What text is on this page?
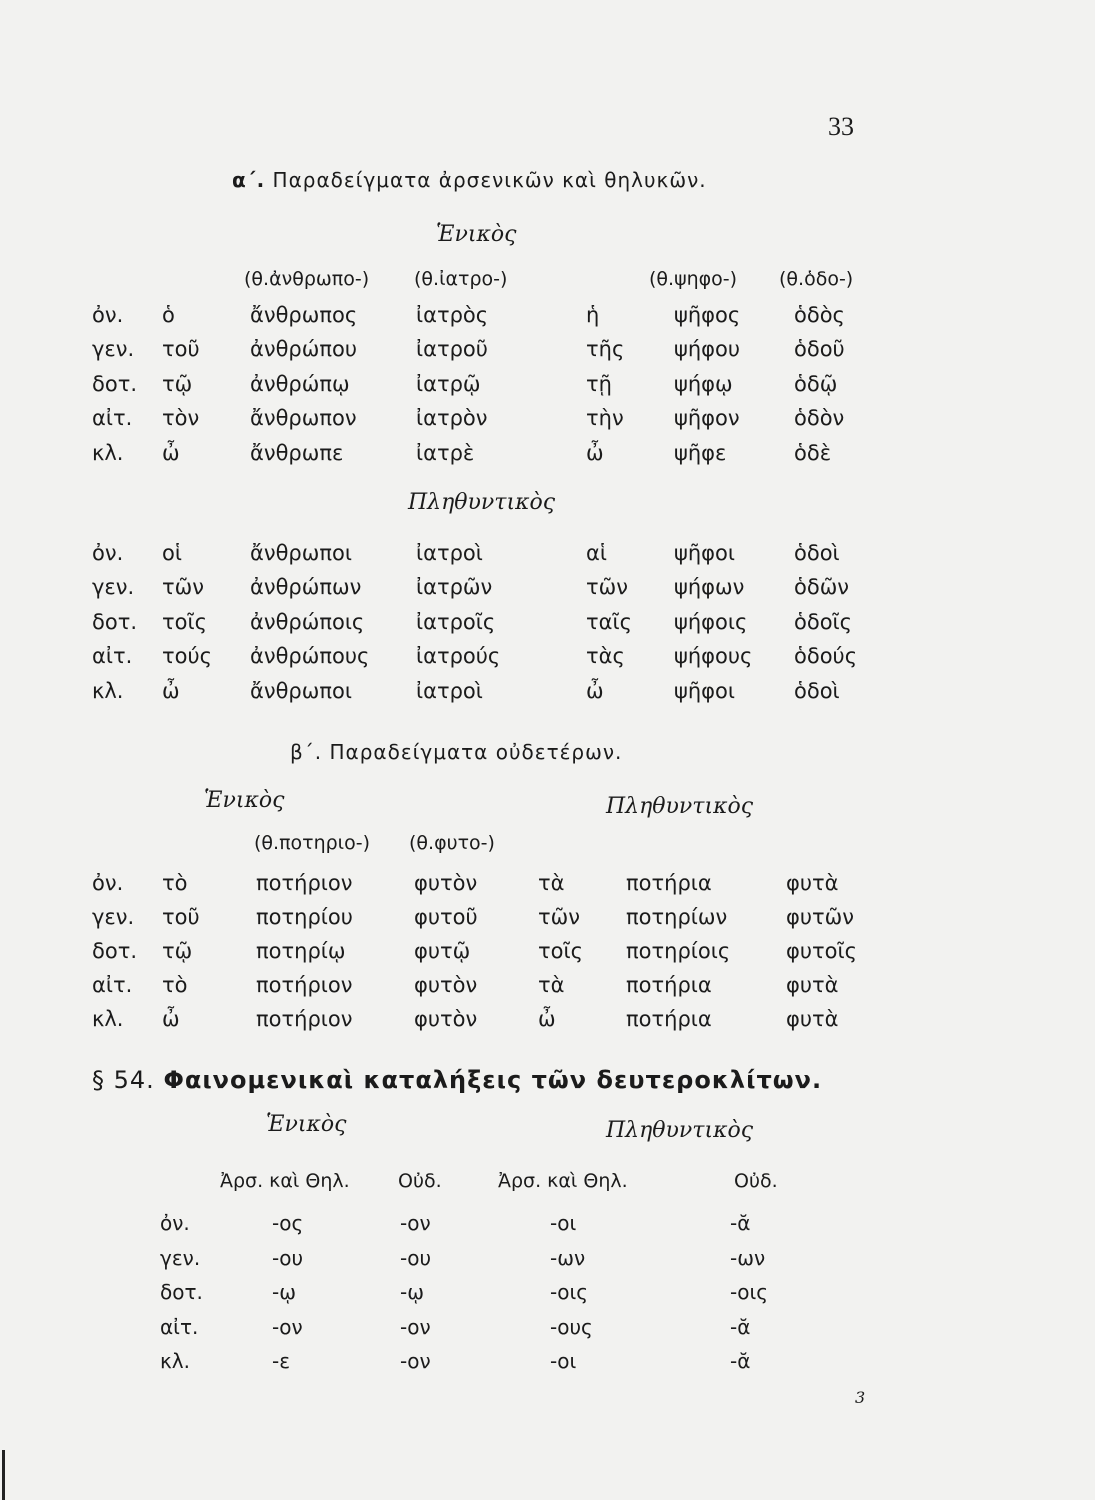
33
α΄. Παραδείγματα ἀρσενικῶν καὶ θηλυκῶν.
Ἑνικὸς
(θ.ἀνθρωπο-)	(θ.ἰατρο-)	(θ.ψηφο-)	(θ.ὁδο-)
ὀν.	ὁ	ἄνθρωπος	ἰατρὸς	ἡ	ψῆφος	ὁδὸς
γεν.	τοῦ	ἀνθρώπου	ἰατροῦ	τῆς	ψήφου	ὁδοῦ
δοτ.	τῷ	ἀνθρώπῳ	ἰατρῷ	τῇ	ψήφῳ	ὁδῷ
αἰτ.	τὸν	ἄνθρωπον	ἰατρὸν	τὴν	ψῆφον	ὁδὸν
κλ.	ὦ	ἄνθρωπε	ἰατρὲ	ὦ	ψῆφε	ὁδὲ
Πληθυντικὸς
ὀν.	οἱ	ἄνθρωποι	ἰατροὶ	αἱ	ψῆφοι	ὁδοὶ
γεν.	τῶν	ἀνθρώπων	ἰατρῶν	τῶν	ψήφων	ὁδῶν
δοτ.	τοῖς	ἀνθρώποις	ἰατροῖς	ταῖς	ψήφοις	ὁδοῖς
αἰτ.	τούς	ἀνθρώπους	ἰατρούς	τὰς	ψήφους	ὁδούς
κλ.	ὦ	ἄνθρωποι	ἰατροὶ	ὦ	ψῆφοι	ὁδοὶ
β΄. Παραδείγματα οὐδετέρων.
Ἑνικὸς	Πληθυντικὸς
(θ.ποτηριο-)	(θ.φυτο-)
ὀν.	τὸ	ποτήριον	φυτὸν	τὰ	ποτήρια	φυτὰ
γεν.	τοῦ	ποτηρίου	φυτοῦ	τῶν	ποτηρίων	φυτῶν
δοτ.	τῷ	ποτηρίῳ	φυτῷ	τοῖς	ποτηρίοις	φυτοῖς
αἰτ.	τὸ	ποτήριον	φυτὸν	τὰ	ποτήρια	φυτὰ
κλ.	ὦ	ποτήριον	φυτὸν	ὦ	ποτήρια	φυτὰ
§ 54. Φαινομενικαὶ καταλήξεις τῶν δευτεροκλίτων.
Ἑνικὸς	Πληθυντικὸς
Ἀρσ. καὶ Θηλ.	Οὐδ.	Ἀρσ. καὶ Θηλ.	Οὐδ.
ὀν.	-ος	-ον	-οι	-ᾰ
γεν.	-ου	-ου	-ων	-ων
δοτ.	-ῳ	-ῳ	-οις	-οις
αἰτ.	-ον	-ον	-ους	-ᾰ
κλ.	-ε	-ον	-οι	-ᾰ
3
